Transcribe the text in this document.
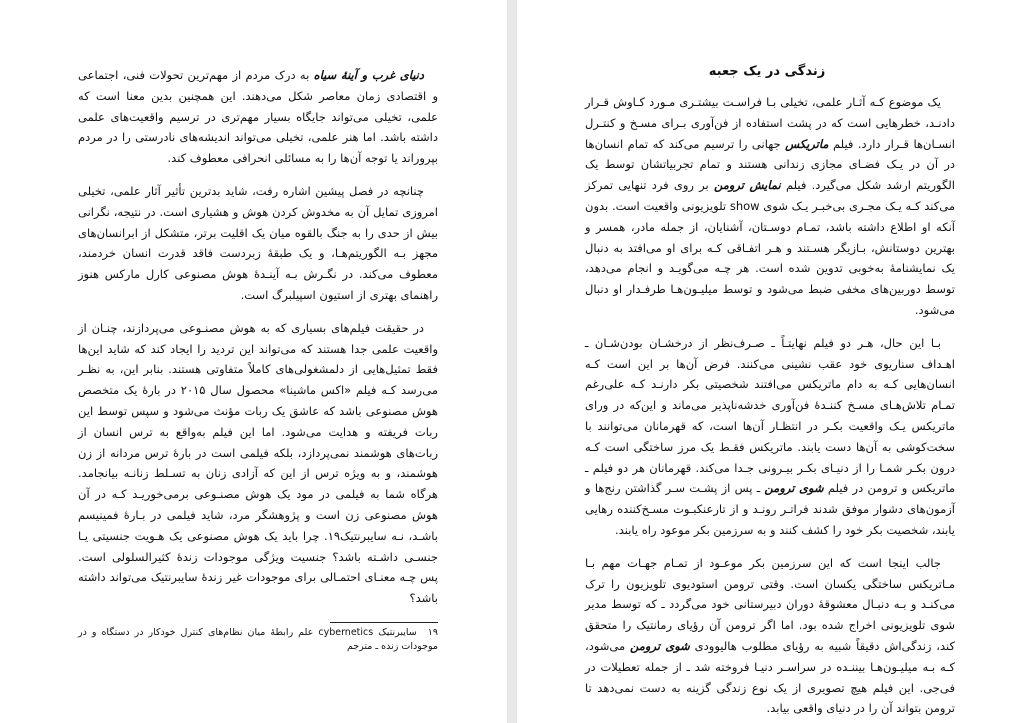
دنیای غرب و آینهٔ سیاه به درک مردم از مهم‌ترین تحولات فنی، اجتماعی و اقتصادی زمان معاصر شکل می‌دهند. این همچنین بدین معنا است که علمی، تخیلی می‌تواند جایگاه بسیار مهم‌تری در ترسیم واقعیت‌های علمی داشته باشد. اما هنر علمی، تخیلی می‌تواند اندیشه‌های نادرستی را در مردم بپروراند یا توجه آن‌ها را به مسائلی انحرافی معطوف کند.

چنانچه در فصل پیشین اشاره رفت، شاید بدترین تأثیر آثار علمی، تخیلی امروزی تمایل آن به مخدوش کردن هوش و هشیاری است. در نتیجه، نگرانی بیش از حدی را به جنگ بالقوه میان یک اقلیت برتر، متشکل از ابرانسان‌های مجهز بـه الگوریتم‌هـا، و یک طبقهٔ زبردست فاقد قدرت انسان خردمند، معطوف می‌کند. در نگـرش بـه آینـدهٔ هوش مصنوعی کارل مارکس هنوز راهنمای بهتری از استیون اسپیلبرگ است.

در حقیقت فیلم‌های بسیاری که به هوش مصنـوعی می‌پردازند، چنـان از واقعیت علمی جدا هستند که می‌تواند این تردید را ایجاد کند که شاید این‌ها فقط تمثیل‌هایی از دلمشغولی‌های کاملاً متفاوتی هستند. بنابر این، به نظـر می‌رسد کـه فیلم «اکس ماشینا» محصول سال ۲۰۱۵ در بارهٔ یک متخصص هوش مصنوعی باشد که عاشق یک ربات مؤنث می‌شود و سپس توسط این ربات فریفته و هدایت می‌شود. اما این فیلم به‌واقع به ترس انسان از ربات‌های هوشمند نمی‌پردازد، بلکه فیلمی است در بارهٔ ترس مردانه از زن هوشمند، و به ویژه ترس از این که آزادی زنان به تسـلط زنانـه بیانجامد. هرگاه شما به فیلمی در مود یک هوش مصنـوعی برمی‌خوریـد کـه در آن هوش مصنوعی زن است و پژوهشگر مرد، شاید فیلمی در بـارهٔ فمینیسم باشـد، نـه سایبرنتیک۱۹. چرا باید یک هوش مصنوعی یک هـویت جنسیتی یـا جنسـی داشـته باشد؟ جنسیت ویژگی موجودات زندهٔ کثیرالسلولی است. پس چـه معنـای احتمـالی برای موجودات غیر زندهٔ سایبرنتیک می‌تواند داشته باشد؟

۱۹ سایبرنتیک cybernetics علم رابطهٔ میان نظام‌های کنترل خودکار در دستگاه و در موجودات زنده ـ مترجم
زندگی در یک جعبه

یک موضوع کـه آثـار علمی، تخیلی بـا فراسـت بیشتـری مـورد کـاوش قـرار دادنـد، خطرهایی است که در پشت استفاده از فن‌آوری بـرای مسـخ و کنتـرل انسـان‌ها قـرار دارد. فیلم ماتریکس جهانی را ترسیم می‌کند که تمام انسان‌ها در آن در یـک فضـای مجازی زندانی هستند و تمام تجربیاتشان توسط یک الگوریتم ارشد شکل می‌گیرد. فیلم نمایش ترومن بر روی فرد تنهایی تمرکز می‌کند کـه یـک مجـری بی‌خبـر یـک شوی show تلویزیونی واقعیت است. بدون آنکه او اطلاع داشته باشد، تمـام دوسـتان، آشنایان، از جمله مادر، همسر و بهترین دوستانش، بـازیگر هسـتند و هـر اتفـاقی کـه برای او می‌افتد به دنبال یک نمایشنامهٔ به‌خوبی تدوین شده است. هر چـه می‌گویـد و انجام می‌دهد، توسط دوربین‌های مخفی ضبط می‌شود و توسط میلیـون‌هـا طرفـدار او دنبال می‌شود.

بـا این حال، هـر دو فیلم نهایتـاً ـ صـرف‌نظر از درخشـان بودن‌شـان ـ اهـداف سناریوی خود عقب نشینی می‌کنند. فرض آن‌ها بر این است کـه انسان‌هایی کـه به دام ماتریکس می‌افتند شخصیتی بکر دارنـد کـه علی‌رغم تمـام تلاش‌هـای مسـخ کننـدهٔ فن‌آوری خدشه‌ناپذیر می‌ماند و این‌که در ورای ماتریکس یـک واقعیت بکـر در انتظـار آن‌ها است، که قهرمانان می‌توانند با سخت‌کوشی به آن‌ها دست یابند. ماتریکس فقـط یک مرز ساختگی است کـه درون بکـر شمـا را از دنیـای بکـر بیـرونی جـدا می‌کند. قهرمانان هر دو فیلم ـ ماتریکس و ترومن در فیلم شوی ترومن ـ پس از پشـت سـر گذاشتن رنج‌ها و آزمون‌های دشوار موفق شدند فراتـر رونـد و از تارعنکبـوت مسـخ‌کننده رهایی یابند، شخصیت بکر خود را کشف کنند و به سرزمین بکر موعود راه یابند.

جالب اینجا است که این سرزمین بکر موعـود از تمـام جهـات مهم بـا مـاتریکس ساختگی یکسان است. وقتی ترومن استودیوی تلویزیون را ترک می‌کنـد و بـه دنبـال معشوقهٔ دوران دبیرستانی خود می‌گردد ـ که توسط مدیر شوی تلویزیونی اخراج شده بود. اما اگر ترومن آن رؤیای رمانتیک را متحقق کند، زندگی‌اش دقیقاً شبیه به رؤیای مطلوب هالیوودی شوی ترومن می‌شود، کـه بـه میلیـون‌هـا بیننـده در سراسـر دنیـا فروخته شد ـ از جمله تعطیلات در فی‌جی. این فیلم هیچ تصویری از یک نوع زندگی گزینه به دست نمی‌دهد تا ترومن بتواند آن را در دنیای واقعی بیابد.
